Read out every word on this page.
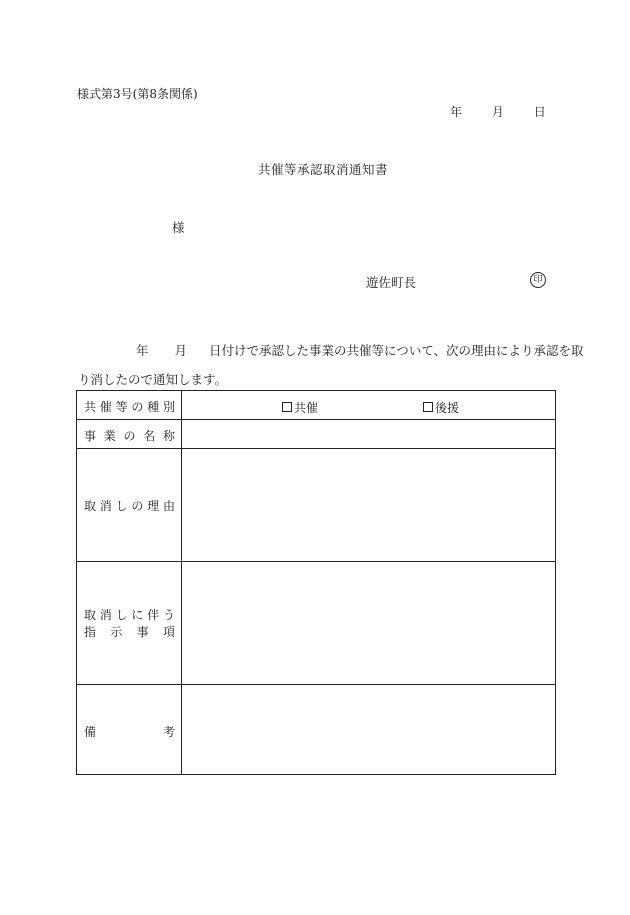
様式第3号(第8条関係)
年 月 日
共催等承認取消通知書
様
遊佐町長	印
年 月 日付けで承認した事業の共催等について、次の理由により承認を取
り消したので通知します。
共 催 等 の 種 別	共催	後援
事 業 の 名 称
取 消 し の 理 由
取 消 し に 伴 う
指 示 事 項
備	考
